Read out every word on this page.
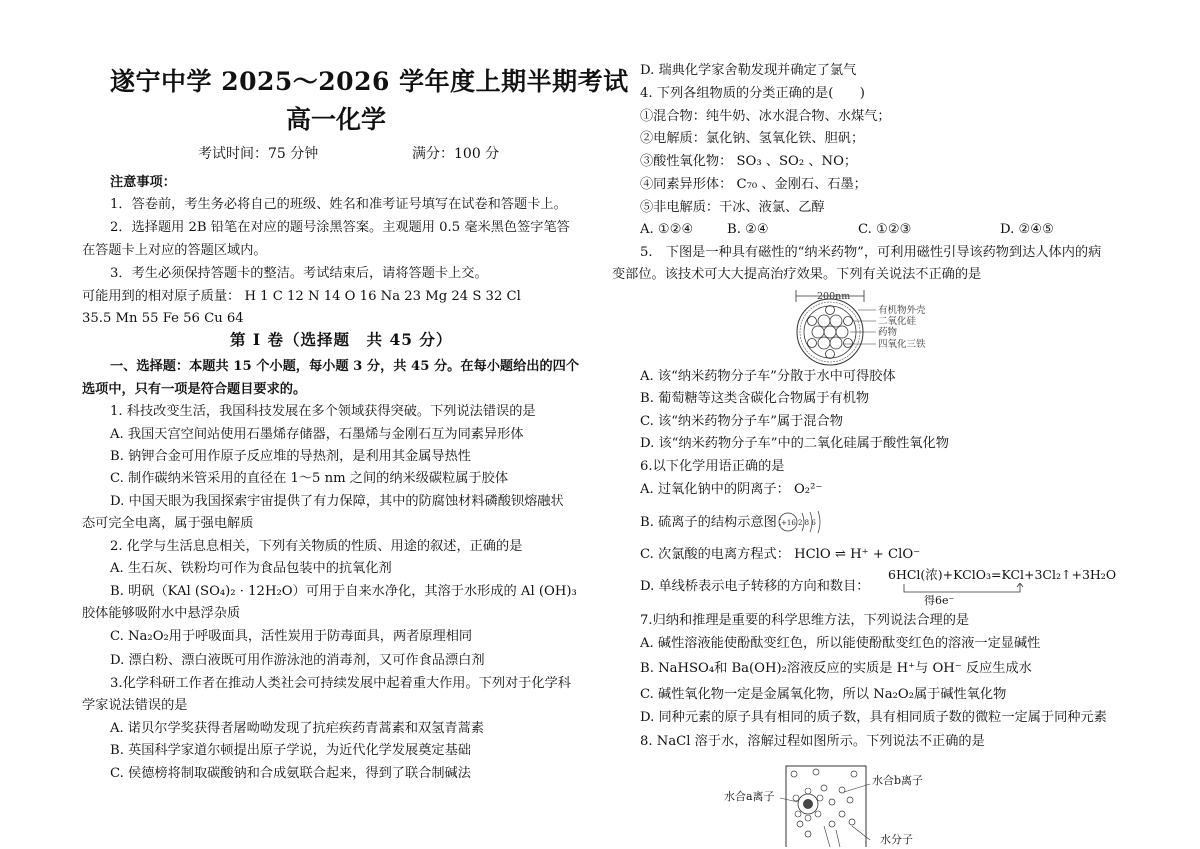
遂宁中学 2025～2026 学年度上期半期考试
高一化学
考试时间：75 分钟	满分：100 分
注意事项：
1．答卷前，考生务必将自己的班级、姓名和准考证号填写在试卷和答题卡上。
2．选择题用 2B 铅笔在对应的题号涂黑答案。主观题用 0.5 毫米黑色签字笔答
在答题卡上对应的答题区域内。
3．考生必须保持答题卡的整洁。考试结束后，请将答题卡上交。
可能用到的相对原子质量： H 1 C 12 N 14 O 16 Na 23 Mg 24 S 32 Cl
35.5 Mn 55 Fe 56 Cu 64
第 Ⅰ 卷（选择题　共 45 分）
一、选择题：本题共 15 个小题，每小题 3 分，共 45 分。在每小题给出的四个
选项中，只有一项是符合题目要求的。
1. 科技改变生活，我国科技发展在多个领域获得突破。下列说法错误的是
A. 我国天宫空间站使用石墨烯存储器，石墨烯与金刚石互为同素异形体
B. 钠钾合金可用作原子反应堆的导热剂，是利用其金属导热性
C. 制作碳纳米管采用的直径在 1～5 nm 之间的纳米级碳粒属于胶体
D. 中国天眼为我国探索宇宙提供了有力保障，其中的防腐蚀材料磷酸钡熔融状
态可完全电离，属于强电解质
2. 化学与生活息息相关，下列有关物质的性质、用途的叙述，正确的是
A. 生石灰、铁粉均可作为食品包装中的抗氧化剂
B. 明矾（KAl (SO₄)₂ · 12H₂O）可用于自来水净化，其溶于水形成的 Al (OH)₃
胶体能够吸附水中悬浮杂质
C. Na₂O₂用于呼吸面具，活性炭用于防毒面具，两者原理相同
D. 漂白粉、漂白液既可用作游泳池的消毒剂，又可作食品漂白剂
3.化学科研工作者在推动人类社会可持续发展中起着重大作用。下列对于化学科
学家说法错误的是
A. 诺贝尔学奖获得者屠呦呦发现了抗疟疾药青蒿素和双氢青蒿素
B. 英国科学家道尔顿提出原子学说，为近代化学发展奠定基础
C. 侯德榜将制取碳酸钠和合成氨联合起来，得到了联合制碱法
D. 瑞典化学家舍勒发现并确定了氯气
4. 下列各组物质的分类正确的是(　　)
①混合物：纯牛奶、冰水混合物、水煤气；
②电解质：氯化钠、氢氧化铁、胆矾；
③酸性氧化物： SO₃ 、SO₂ 、NO；
④同素异形体： C₇₀ 、金刚石、石墨；
⑤非电解质：干冰、液氯、乙醇
A. ①②④	B. ②④	C. ①②③	D. ②④⑤
5.　下图是一种具有磁性的“纳米药物”，可利用磁性引导该药物到达人体内的病
变部位。该技术可大大提高治疗效果。下列有关说法不正确的是
200nm
有机物外壳
二氧化硅
药物
四氧化三铁
A. 该“纳米药物分子车”分散于水中可得胶体
B. 葡萄糖等这类含碳化合物属于有机物
C. 该“纳米药物分子车”属于混合物
D. 该“纳米药物分子车”中的二氧化硅属于酸性氧化物
6.以下化学用语正确的是
A. 过氧化钠中的阴离子： O₂²⁻
B. 硫离子的结构示意图：
+16 2 8 6
C. 次氯酸的电离方程式： HClO ⇌ H⁺ + ClO⁻
D. 单线桥表示电子转移的方向和数目：
6HCl(浓)+KClO₃=KCl+3Cl₂↑+3H₂O
得6e⁻
7.归纳和推理是重要的科学思维方法，下列说法合理的是
A. 碱性溶液能使酚酞变红色，所以能使酚酞变红色的溶液一定显碱性
B. NaHSO₄和 Ba(OH)₂溶液反应的实质是 H⁺与 OH⁻ 反应生成水
C. 碱性氧化物一定是金属氧化物，所以 Na₂O₂属于碱性氧化物
D. 同种元素的原子具有相同的质子数，具有相同质子数的微粒一定属于同种元素
8. NaCl 溶于水，溶解过程如图所示。下列说法不正确的是
水合a离子
水合b离子
水分子
